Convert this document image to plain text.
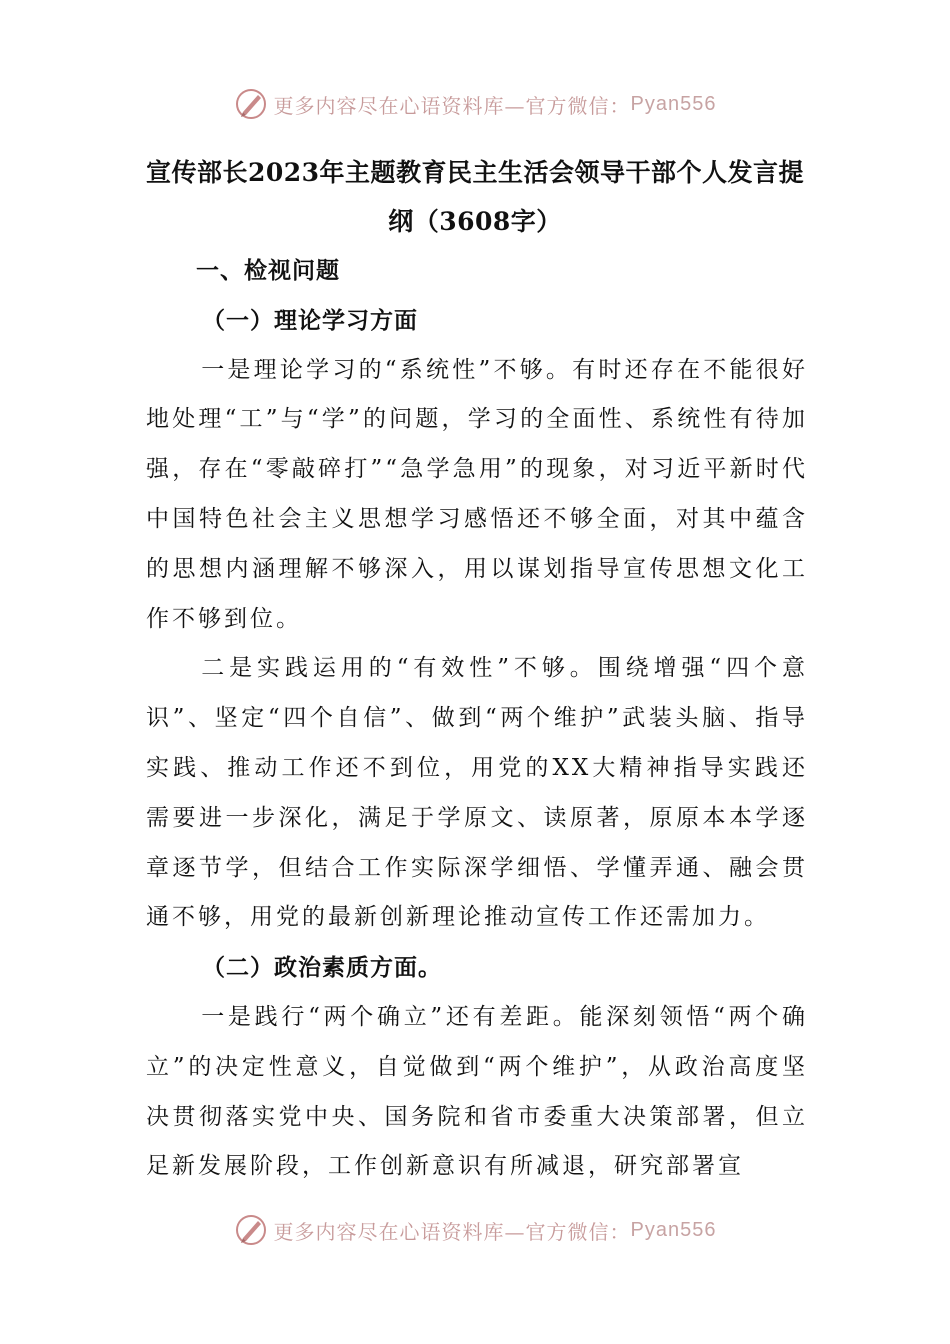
更多内容尽在心语资料库—官方微信： Pyan556
宣传部长2023年主题教育民主生活会领导干部个人发言提纲（3608字）

一、检视问题

（一）理论学习方面

一是理论学习的“系统性”不够。有时还存在不能很好地处理“工”与“学”的问题，学习的全面性、系统性有待加强，存在“零敲碎打”“急学急用”的现象，对习近平新时代中国特色社会主义思想学习感悟还不够全面，对其中蕴含的思想内涵理解不够深入，用以谋划指导宣传思想文化工作不够到位。

二是实践运用的“有效性”不够。围绕增强“四个意识”、坚定“四个自信”、做到“两个维护”武装头脑、指导实践、推动工作还不到位，用党的XX大精神指导实践还需要进一步深化，满足于学原文、读原著，原原本本学逐章逐节学，但结合工作实际深学细悟、学懂弄通、融会贯通不够，用党的最新创新理论推动宣传工作还需加力。

（二）政治素质方面。

一是践行“两个确立”还有差距。能深刻领悟“两个确立”的决定性意义，自觉做到“两个维护”，从政治高度坚决贯彻落实党中央、国务院和省市委重大决策部署，但立足新发展阶段，工作创新意识有所减退，研究部署宣

更多内容尽在心语资料库—官方微信： Pyan556
